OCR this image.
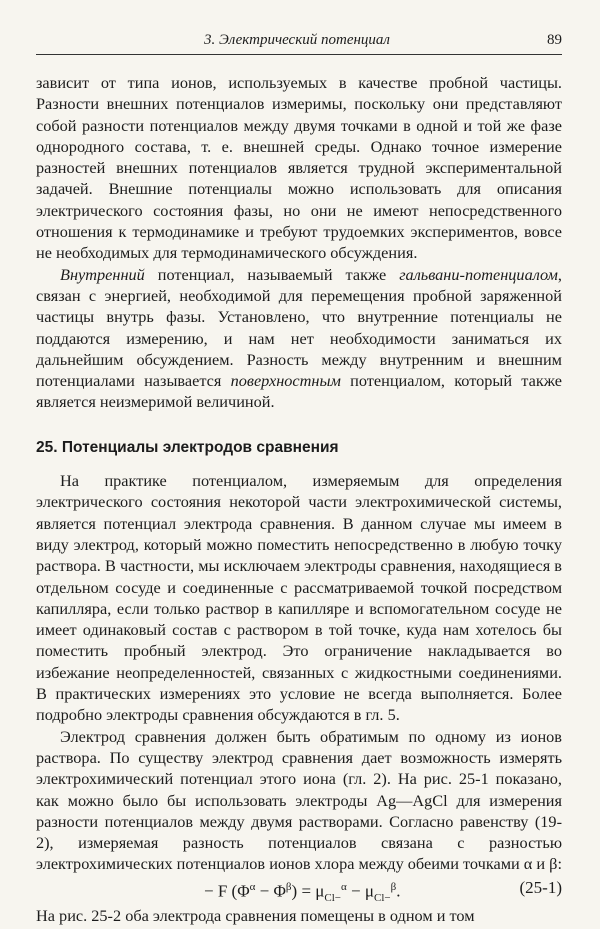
3. Электрический потенциал	89

зависит от типа ионов, используемых в качестве пробной частицы. Разности внешних потенциалов измеримы, поскольку они представляют собой разности потенциалов между двумя точками в одной и той же фазе однородного состава, т. е. внешней среды. Однако точное измерение разностей внешних потенциалов является трудной экспериментальной задачей. Внешние потенциалы можно использовать для описания электрического состояния фазы, но они не имеют непосредственного отношения к термодинамике и требуют трудоемких экспериментов, вовсе не необходимых для термодинамического обсуждения.

Внутренний потенциал, называемый также гальвани-потенциалом, связан с энергией, необходимой для перемещения пробной заряженной частицы внутрь фазы. Установлено, что внутренние потенциалы не поддаются измерению, и нам нет необходимости заниматься их дальнейшим обсуждением. Разность между внутренним и внешним потенциалами называется поверхностным потенциалом, который также является неизмеримой величиной.

25. Потенциалы электродов сравнения

На практике потенциалом, измеряемым для определения электрического состояния некоторой части электрохимической системы, является потенциал электрода сравнения. В данном случае мы имеем в виду электрод, который можно поместить непосредственно в любую точку раствора. В частности, мы исключаем электроды сравнения, находящиеся в отдельном сосуде и соединенные с рассматриваемой точкой посредством капилляра, если только раствор в капилляре и вспомогательном сосуде не имеет одинаковый состав с раствором в той точке, куда нам хотелось бы поместить пробный электрод. Это ограничение накладывается во избежание неопределенностей, связанных с жидкостными соединениями. В практических измерениях это условие не всегда выполняется. Более подробно электроды сравнения обсуждаются в гл. 5.

Электрод сравнения должен быть обратимым по одному из ионов раствора. По существу электрод сравнения дает возможность измерять электрохимический потенциал этого иона (гл. 2). На рис. 25-1 показано, как можно было бы использовать электроды Ag—AgCl для измерения разности потенциалов между двумя растворами. Согласно равенству (19-2), измеряемая разность потенциалов связана с разностью электрохимических потенциалов ионов хлора между обеими точками α и β:

− F $(\Phi^\alpha - \Phi^\beta) = \mu_{Cl-}^\alpha - \mu_{Cl-}^\beta$.	(25-1)

На рис. 25-2 оба электрода сравнения помещены в одном и том
